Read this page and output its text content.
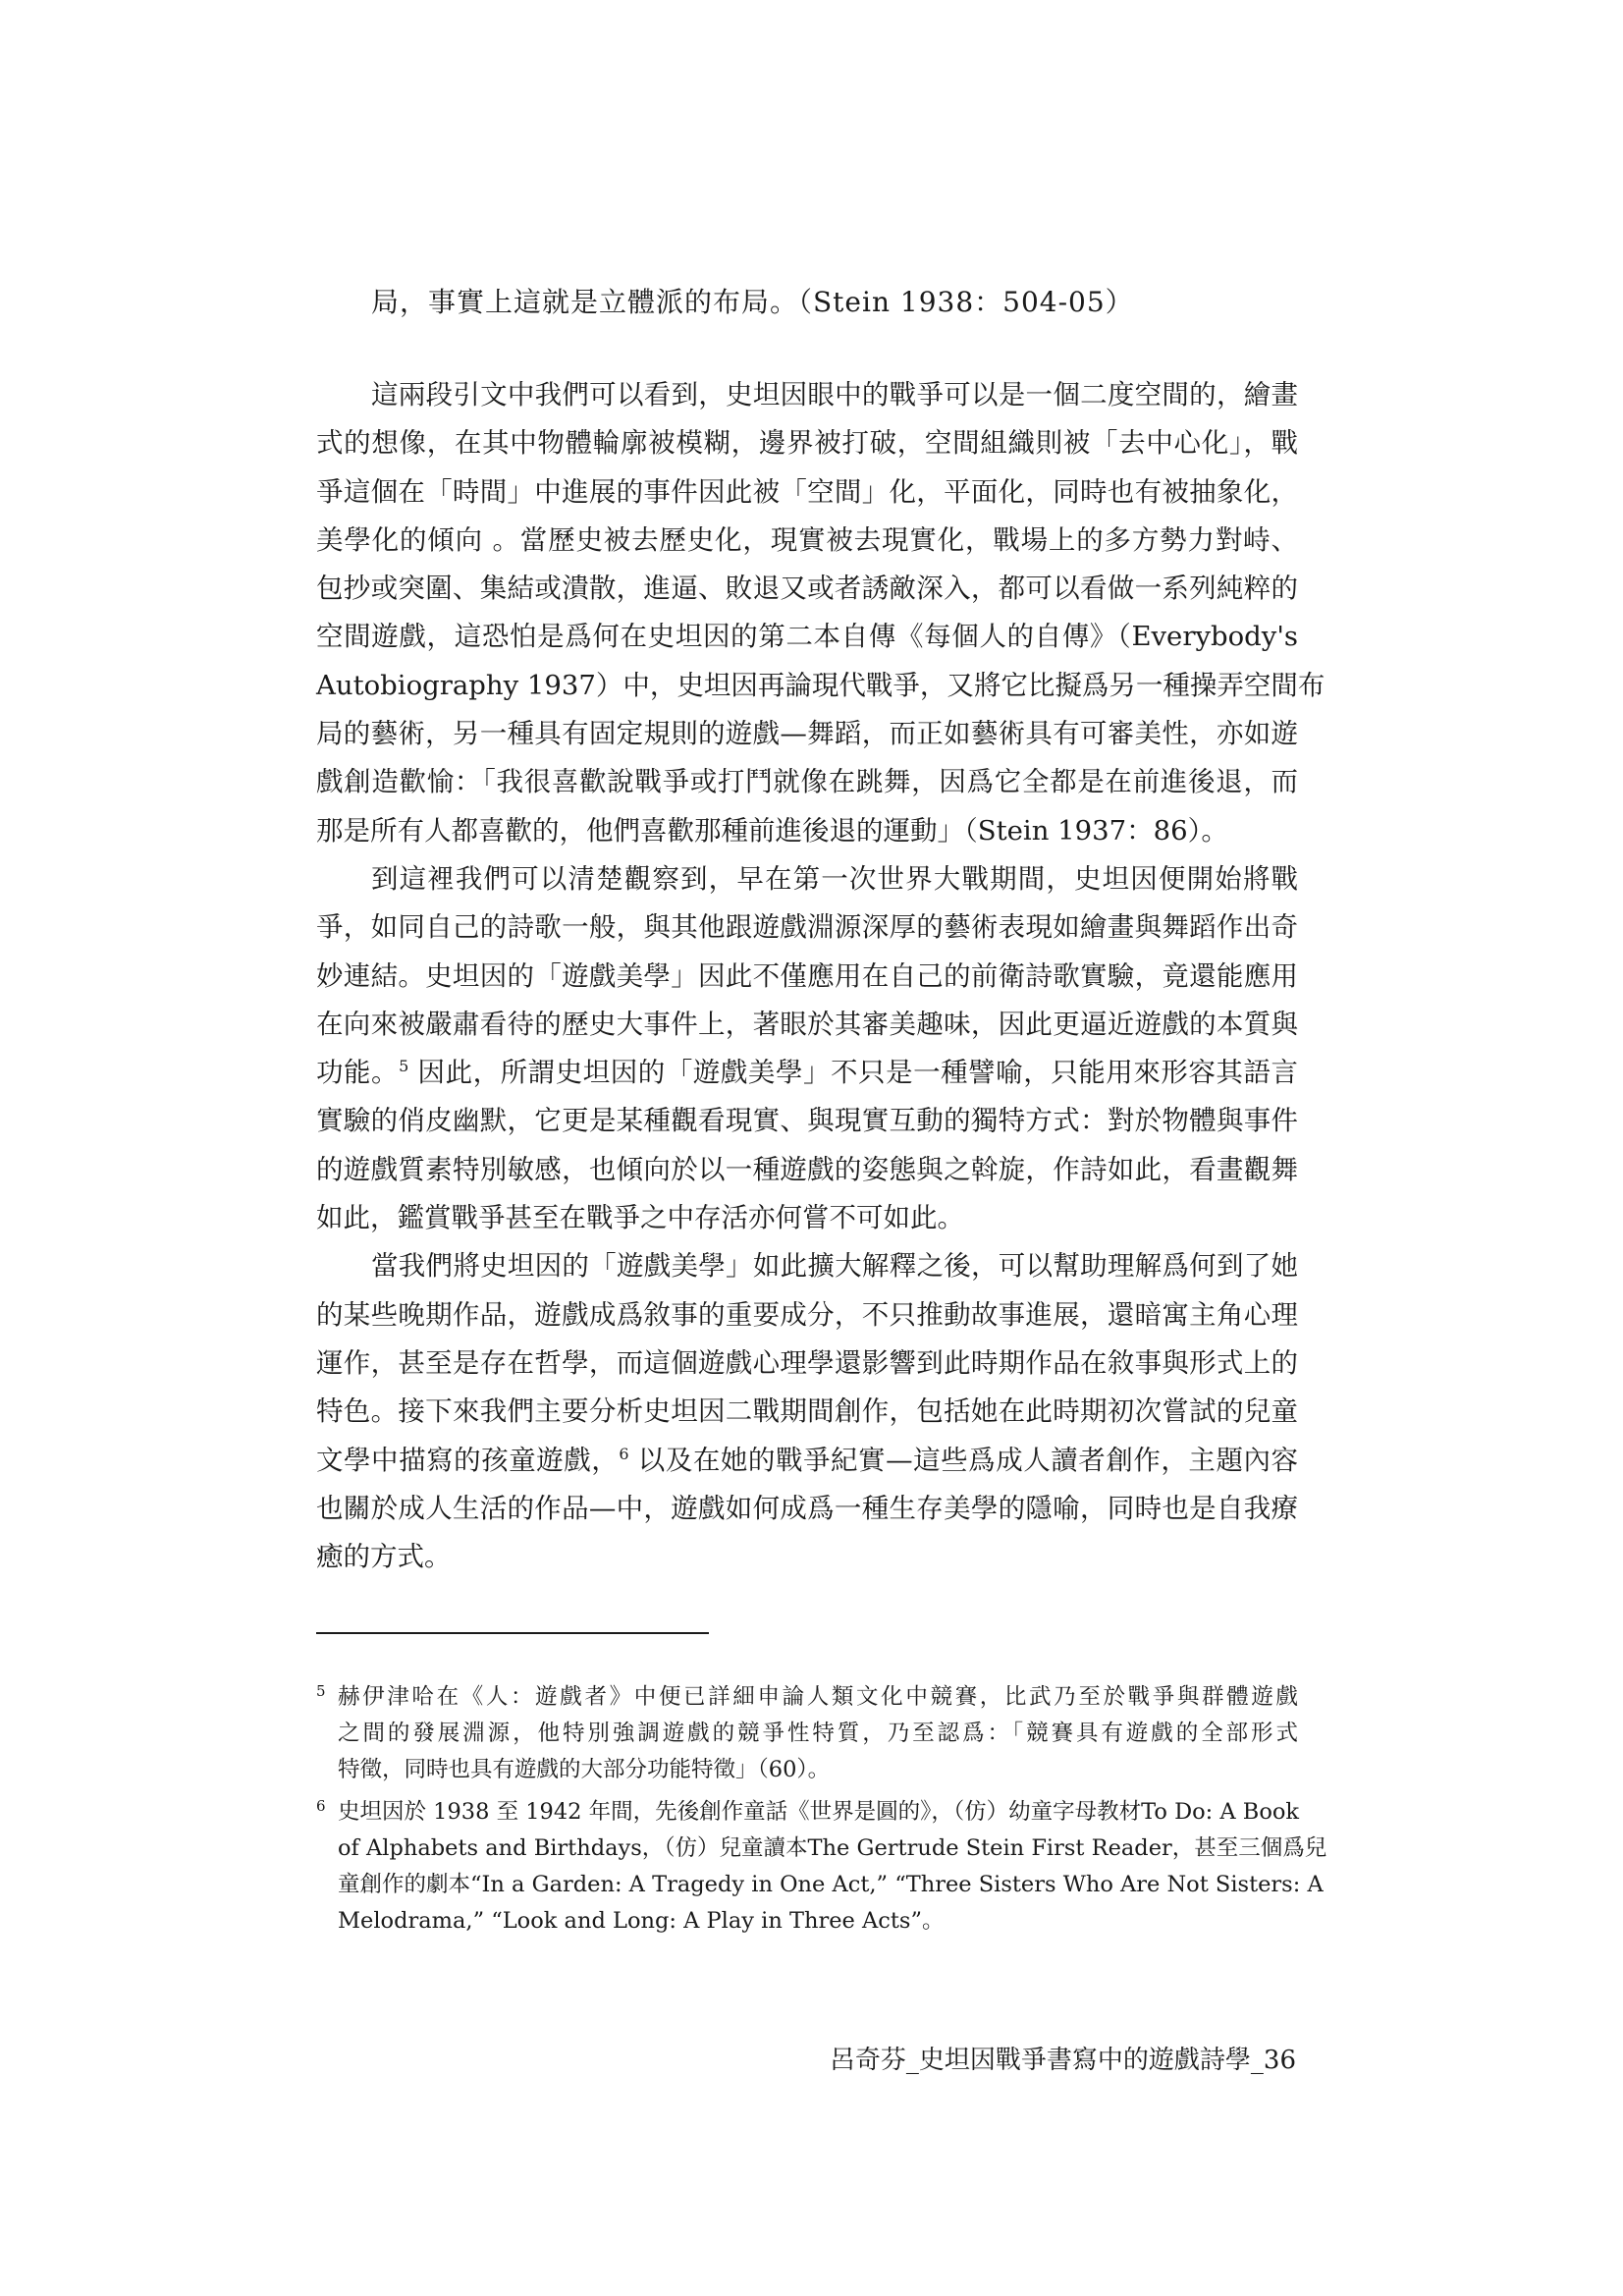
局，事實上這就是立體派的布局。（Stein 1938：504-05）
這兩段引文中我們可以看到，史坦因眼中的戰爭可以是一個二度空間的，繪畫
式的想像，在其中物體輪廓被模糊，邊界被打破，空間組織則被「去中心化」，戰
爭這個在「時間」中進展的事件因此被「空間」化，平面化，同時也有被抽象化，
美學化的傾向 。當歷史被去歷史化，現實被去現實化，戰場上的多方勢力對峙、
包抄或突圍、集結或潰散，進逼、敗退又或者誘敵深入，都可以看做一系列純粹的
空間遊戲，這恐怕是爲何在史坦因的第二本自傳《每個人的自傳》（Everybody's
Autobiography 1937）中，史坦因再論現代戰爭，又將它比擬爲另一種操弄空間布
局的藝術，另一種具有固定規則的遊戲—舞蹈，而正如藝術具有可審美性，亦如遊
戲創造歡愉：「我很喜歡說戰爭或打鬥就像在跳舞，因爲它全都是在前進後退，而
那是所有人都喜歡的，他們喜歡那種前進後退的運動」（Stein 1937：86）。
到這裡我們可以清楚觀察到，早在第一次世界大戰期間，史坦因便開始將戰
爭，如同自己的詩歌一般，與其他跟遊戲淵源深厚的藝術表現如繪畫與舞蹈作出奇
妙連結。史坦因的「遊戲美學」因此不僅應用在自己的前衛詩歌實驗，竟還能應用
在向來被嚴肅看待的歷史大事件上，著眼於其審美趣味，因此更逼近遊戲的本質與
功能。$^5$ 因此，所謂史坦因的「遊戲美學」不只是一種譬喻，只能用來形容其語言
實驗的俏皮幽默，它更是某種觀看現實、與現實互動的獨特方式：對於物體與事件
的遊戲質素特別敏感，也傾向於以一種遊戲的姿態與之斡旋，作詩如此，看畫觀舞
如此，鑑賞戰爭甚至在戰爭之中存活亦何嘗不可如此。
當我們將史坦因的「遊戲美學」如此擴大解釋之後，可以幫助理解爲何到了她
的某些晚期作品，遊戲成爲敘事的重要成分，不只推動故事進展，還暗寓主角心理
運作，甚至是存在哲學，而這個遊戲心理學還影響到此時期作品在敘事與形式上的
特色。接下來我們主要分析史坦因二戰期間創作，包括她在此時期初次嘗試的兒童
文學中描寫的孩童遊戲，$^6$ 以及在她的戰爭紀實—這些爲成人讀者創作，主題內容
也關於成人生活的作品—中，遊戲如何成爲一種生存美學的隱喻，同時也是自我療
癒的方式。
5 赫伊津哈在《人：遊戲者》中便已詳細申論人類文化中競賽，比武乃至於戰爭與群體遊戲
之間的發展淵源，他特別強調遊戲的競爭性特質，乃至認爲：「競賽具有遊戲的全部形式
特徵，同時也具有遊戲的大部分功能特徵」（60）。
6 史坦因於 1938 至 1942 年間，先後創作童話《世界是圓的》，（仿）幼童字母教材To Do: A Book
of Alphabets and Birthdays，（仿）兒童讀本The Gertrude Stein First Reader，甚至三個爲兒
童創作的劇本“In a Garden: A Tragedy in One Act,” “Three Sisters Who Are Not Sisters: A
Melodrama,” “Look and Long: A Play in Three Acts”。
呂奇芬_史坦因戰爭書寫中的遊戲詩學_36
